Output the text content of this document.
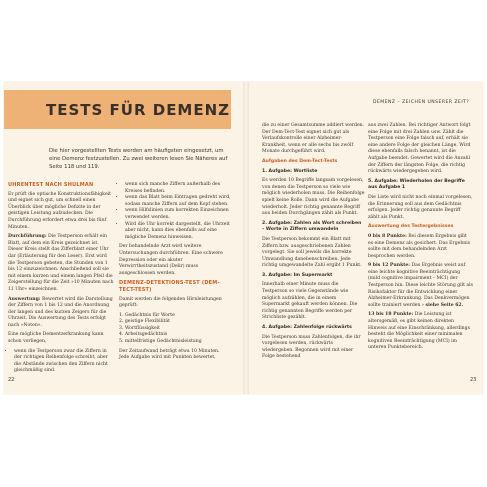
TESTS FÜR DEMENZ	DEMENZ – ZEICHEN UNSERER ZEIT?

Die hier vorgestellten Tests werden am häufigsten eingesetzt, um eine Demenz festzustellen. Zu zwei weiteren lesen Sie Näheres auf Seite 118 und 119.

UHRENTEST NACH SHULMAN

Er prüft die optische Konstruktionsfähigkeit und eignet sich gut, um schnell einen Überblick über mögliche Defizite in der geistigen Leistung aufzudecken. Die Durchführung erfordert etwa drei bis fünf Minuten.

Durchführung: Die Testperson erhält ein Blatt, auf dem ein Kreis gezeichnet ist. Dieser Kreis stellt das Zifferblatt einer Uhr dar (Erläuterung für den Leser). Erst wird die Testperson gebeten, die Stunden von 1 bis 12 einzuzeichnen. Anschließend soll sie mit einem kurzen und einem langen Pfeil die Zeigerstellung für die Zeit »10 Minuten nach 11 Uhr« einzeichnen.

Auswertung: Bewertet wird die Darstellung der Ziffern von 1 bis 12 und die Anordnung der langen und des kurzen Zeigers für die Uhrzeit. Die Auswertung des Tests erfolgt nach »Noten«.

Eine mögliche Dementzerkrankung kann schon vorliegen,

• wenn die Testperson zwar die Ziffern in der richtigen Reihenfolge schreibt, aber die Abstände zwischen den Ziffern nicht gleichmäßig sind.
• wenn sich manche Ziffern außerhalb des Kreises befinden.
• wenn das Blatt beim Eintragen gedreht wird, sodass manche Ziffern auf dem Kopf stehen.
• wenn Hilfslinien zum korrekten Einzeichnen verwendet werden.
• Wird die Uhr korrekt dargestellt, die Uhrzeit aber nicht, kann dies ebenfalls auf eine mögliche Demenz hinweisen.

Der behandelnde Arzt wird weitere Untersuchungen durchführen. Eine schwere Depression oder ein akuter Verwirrtheitszustand (Delir) muss ausgeschlossen werden.

DEMENZ-DETEKTIONS-TEST (DEM-TECT-TEST)

Damit werden die folgenden Hirnleistungen geprüft:

1. Gedächtnis für Worte
2. geistige Flexibilität
3. Wortflüssigkeit
4. Arbeitsgedächtnis
5. mittelfristige Gedächtnisleistung

Der Zeitaufwand beträgt etwa 10 Minuten. Jede Aufgabe wird mit Punkten bewertet,

die zu einer Gesamtsumme addiert werden. Der Dem-Tect-Test eignet sich gut als Verlaufskontrolle einer Alzheimer-Krankheit, wenn er alle sechs bis zwölf Monate durchgeführt wird.

Aufgaben des Dem-Tect-Tests

1. Aufgabe: Wortliste

Es werden 10 Begriffe langsam vorgelesen, von denen die Testperson so viele wie möglich wiederholen muss. Die Reihenfolge spielt keine Rolle. Dann wird die Aufgabe wiederholt. Jeder richtig genannte Begriff aus beiden Durchgängen zählt als Punkt.

2. Aufgabe: Zahlen als Wort schreiben – Worte in Ziffern umwandeln

Die Testperson bekommt ein Blatt mit Ziffern bzw. ausgeschriebenen Zahlen vorgelegt. Sie soll jeweils die korrekte Umwandlung danebenschreiben. Jede richtig umgewandelte Zahl ergibt 1 Punkt.

3. Aufgabe: Im Supermarkt

Innerhalb einer Minute muss die Testperson so viele Gegenstände wie möglich aufzählen, die in einem Supermarkt gekauft werden können. Die richtig genannten Begriffe werden per Strichliste gezählt.

4. Aufgabe: Zahlenfolge rückwärts

Die Testperson muss Zahlenfolgen, die ihr vorgelesen werden, rückwärts wiedergeben. Begonnen wird mit einer Folge bestehend

aus zwei Zahlen. Bei richtiger Antwort folgt eine Folge mit drei Zahlen usw. Zählt die Testperson eine Folge falsch auf, erhält sie eine andere Folge der gleichen Länge. Wird diese ebenfalls falsch benannt, ist die Aufgabe beendet. Gewertet wird die Anzahl der Ziffern der längsten Folge, die richtig rückwärts wiedergegeben wird.

5. Aufgabe: Wiederholen der Begriffe aus Aufgabe 1

Die Liste wird nicht noch einmal vorgelesen, die Erinnerung soll aus dem Gedächtnis erfolgen. Jeder richtig genannte Begriff zählt als Punkt.

Auswertung des Testergebnisses

0 bis 8 Punkte: Bei diesem Ergebnis gibt es eine Demenz als gesichert. Das Ergebnis sollte mit dem behandelnden Arzt besprochen werden.

9 bis 12 Punkte: Das Ergebnis weist auf eine leichte kognitive Beeinträchtigung (mild cognitive impairment – MCI) der Testperson hin. Diese leichte Störung gilt als Risikofaktor für die Entwicklung einer Alzheimer-Erkrankung. Das Denkvermögen sollte trainiert werden › siehe Seite 62.

13 bis 18 Punkte: Die Leistung ist altersgemäß, es gibt keinen direkten Hinweis auf eine Einschränkung, allerdings besteht die Möglichkeit einer minimalen kognitiven Beeinträchtigung (MCI) im unteren Punktebereich.

22	23
